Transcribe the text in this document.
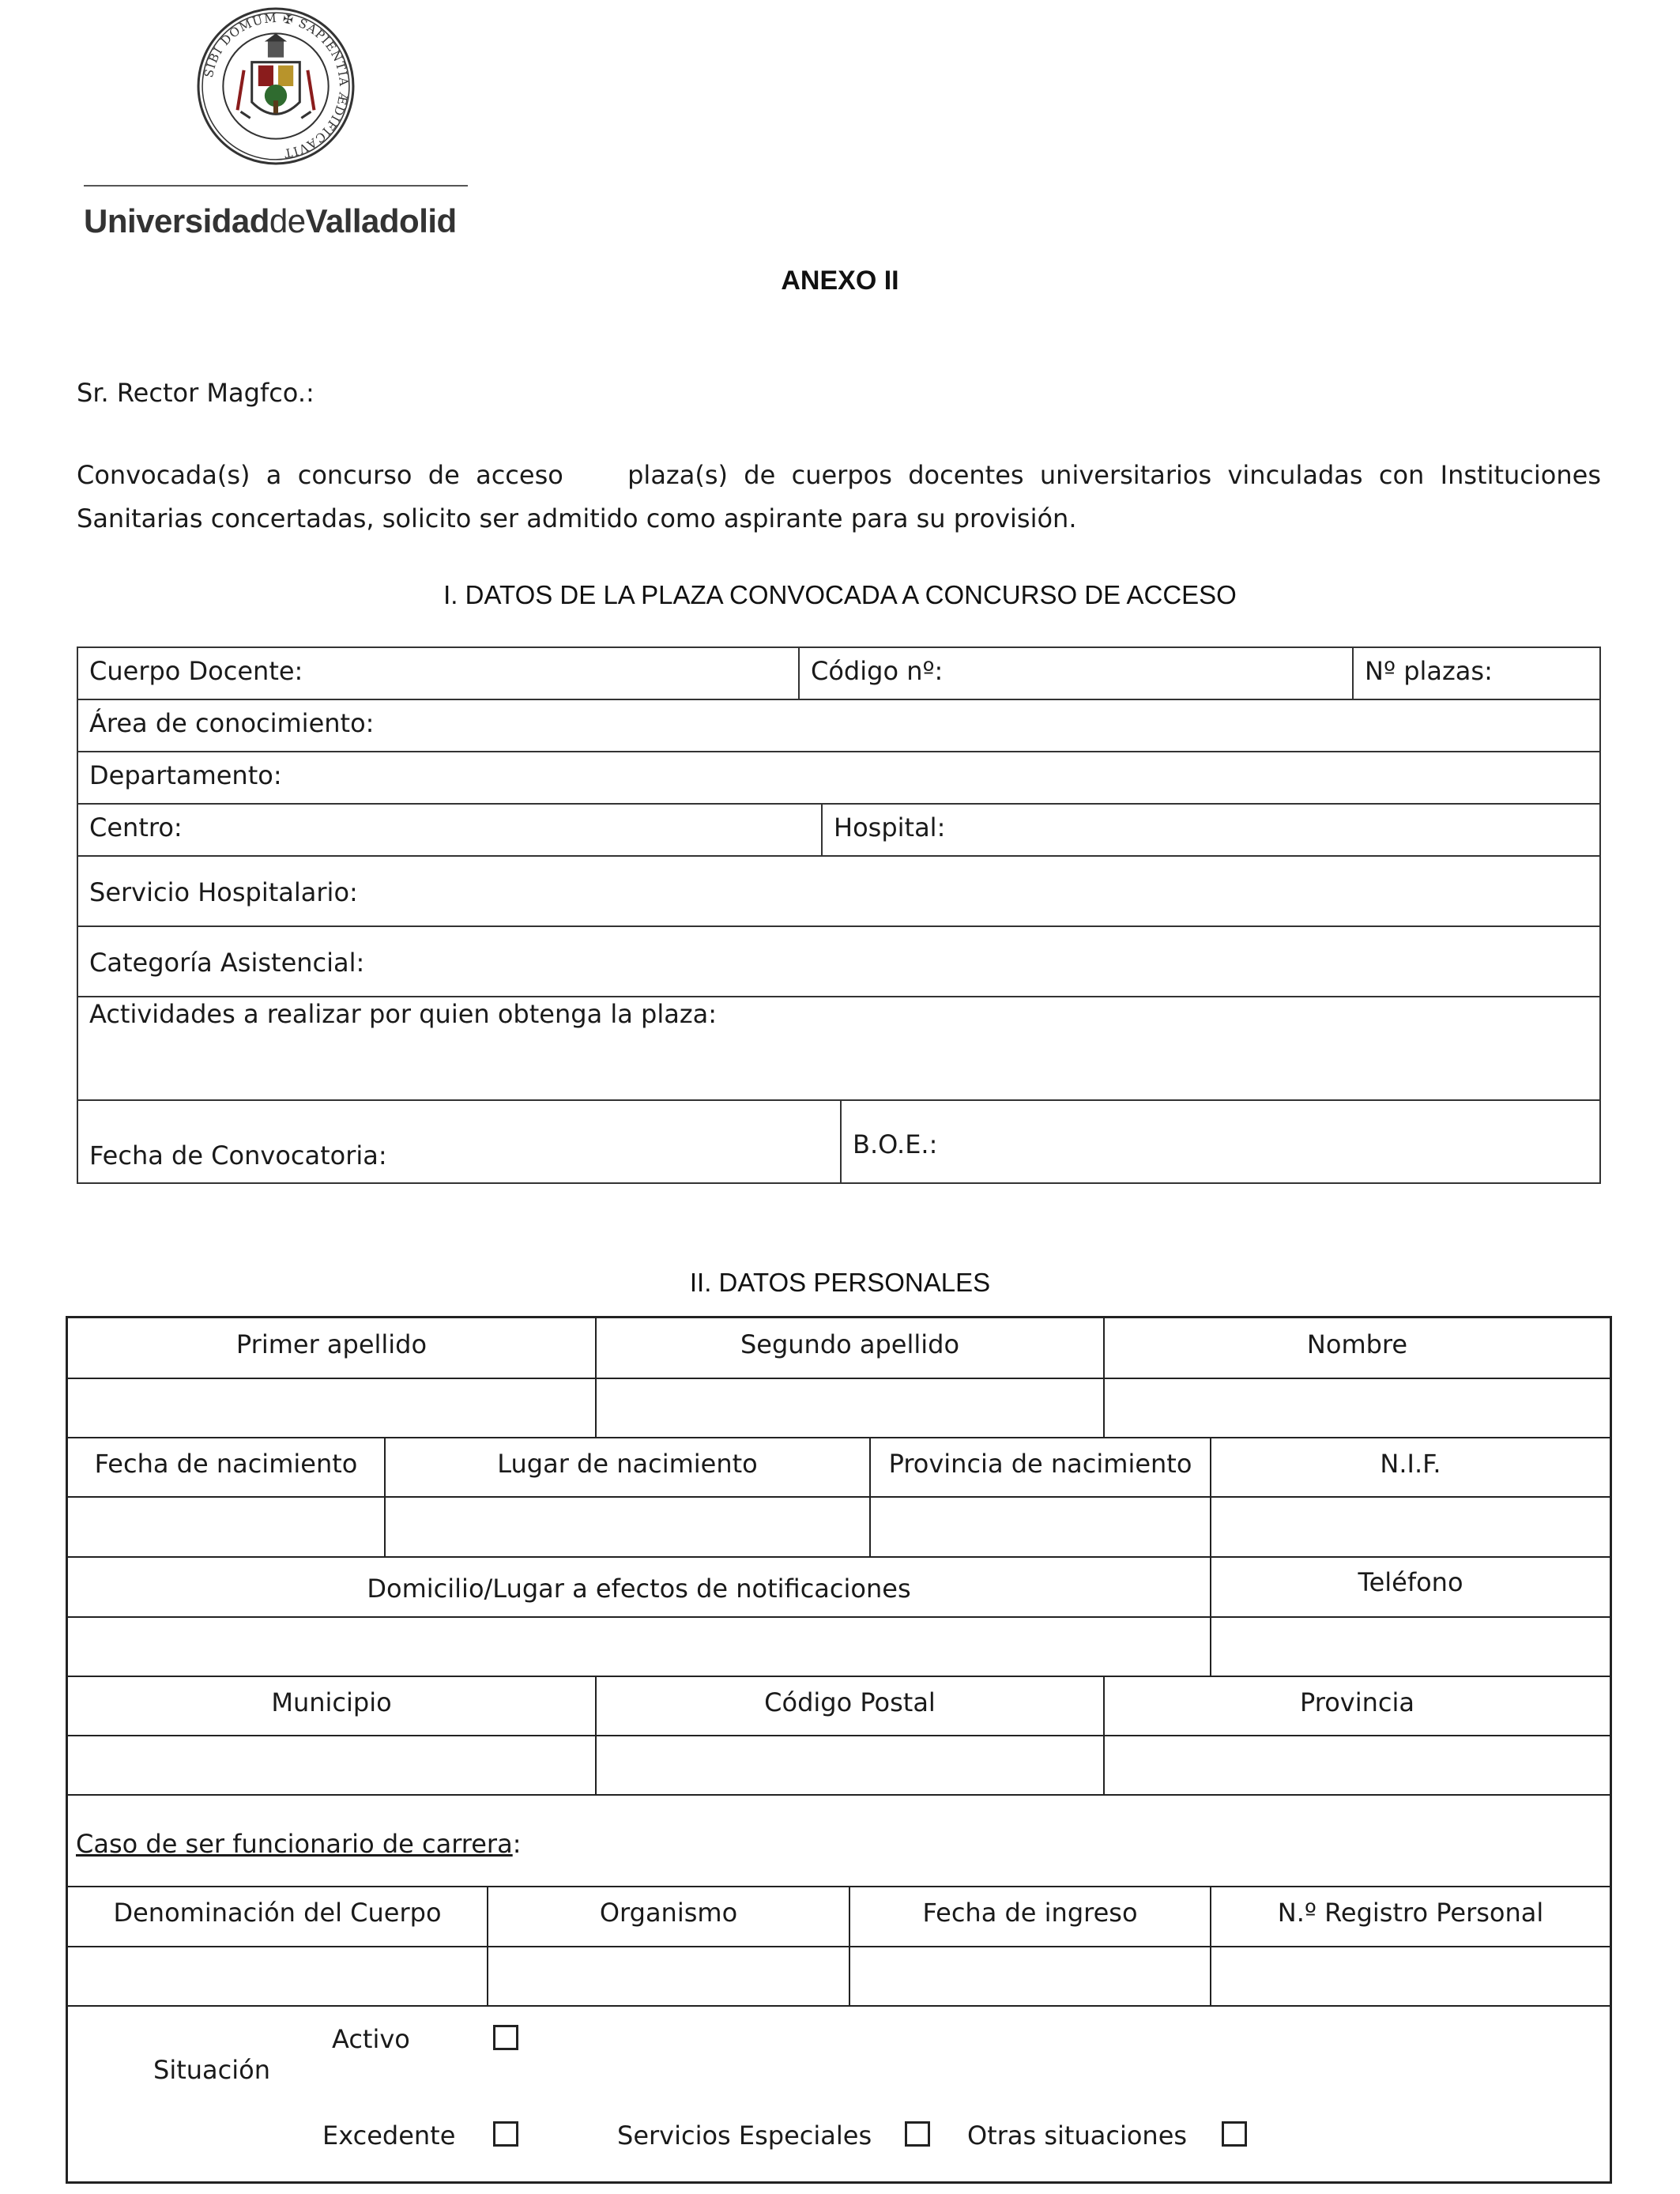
SIBI DOMUM ✠ SAPIENTIA ÆDIFICAVIT
UniversidaddeValladolid
ANEXO II
Sr. Rector Magfco.:
Convocada(s) a concurso de acceso    plaza(s) de cuerpos docentes universitarios vinculadas con Instituciones Sanitarias concertadas, solicito ser admitido como aspirante para su provisión.
I. DATOS DE LA PLAZA CONVOCADA A CONCURSO DE ACCESO
Cuerpo Docente:	Código nº:	Nº plazas:
Área de conocimiento:
Departamento:
Centro:	Hospital:
Servicio Hospitalario:
Categoría Asistencial:
Actividades a realizar por quien obtenga la plaza:
Fecha de Convocatoria:	B.O.E.:
II. DATOS PERSONALES
Primer apellido	Segundo apellido	Nombre
Fecha de nacimiento	Lugar de nacimiento	Provincia de nacimiento	N.I.F.
Domicilio/Lugar a efectos de notificaciones	Teléfono
Municipio	Código Postal	Provincia
Caso de ser funcionario de carrera:
Denominación del Cuerpo	Organismo	Fecha de ingreso	N.º Registro Personal
Situación
Activo
Excedente	Servicios Especiales	Otras situaciones
